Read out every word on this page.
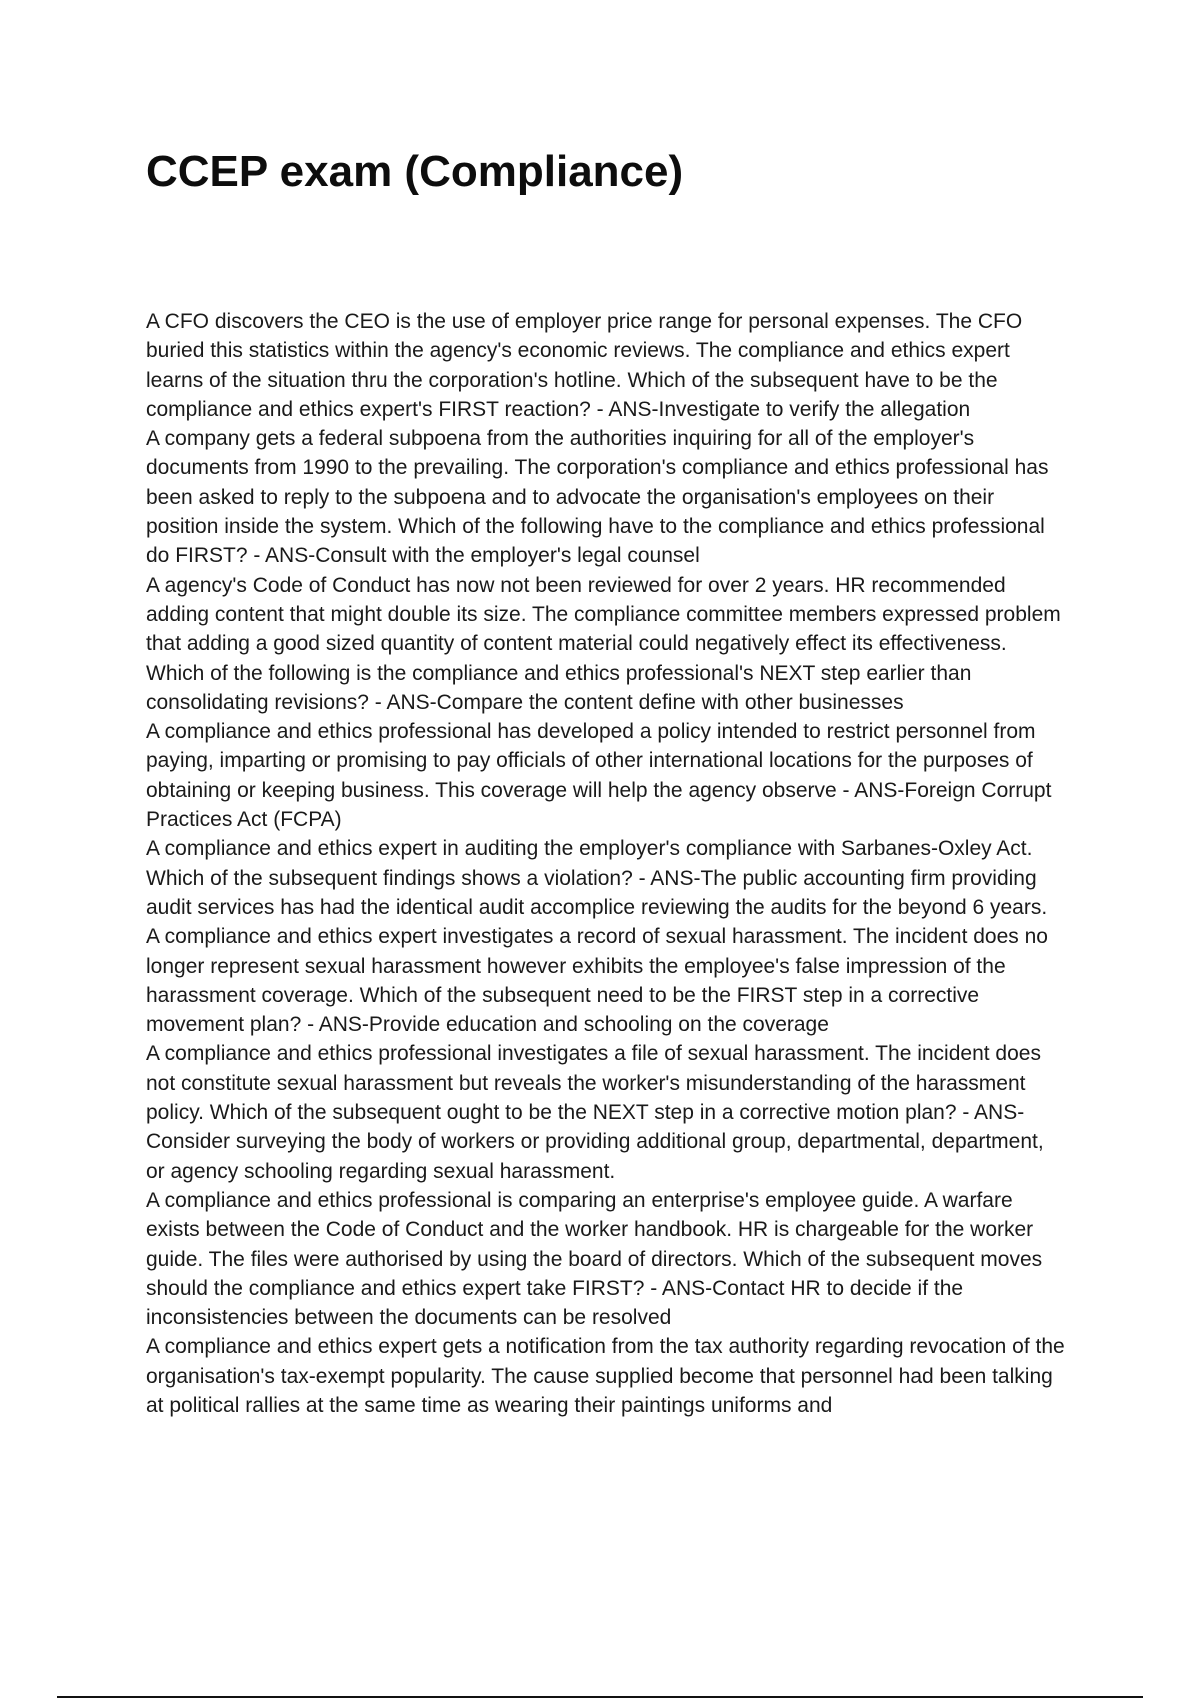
CCEP exam (Compliance)

A CFO discovers the CEO is the use of employer price range for personal expenses. The CFO buried this statistics within the agency's economic reviews. The compliance and ethics expert learns of the situation thru the corporation's hotline. Which of the subsequent have to be the compliance and ethics expert's FIRST reaction? - ANS-Investigate to verify the allegation

A company gets a federal subpoena from the authorities inquiring for all of the employer's documents from 1990 to the prevailing. The corporation's compliance and ethics professional has been asked to reply to the subpoena and to advocate the organisation's employees on their position inside the system. Which of the following have to the compliance and ethics professional do FIRST? - ANS-Consult with the employer's legal counsel

A agency's Code of Conduct has now not been reviewed for over 2 years. HR recommended adding content that might double its size. The compliance committee members expressed problem that adding a good sized quantity of content material could negatively effect its effectiveness. Which of the following is the compliance and ethics professional's NEXT step earlier than consolidating revisions? - ANS-Compare the content define with other businesses

A compliance and ethics professional has developed a policy intended to restrict personnel from paying, imparting or promising to pay officials of other international locations for the purposes of obtaining or keeping business. This coverage will help the agency observe - ANS-Foreign Corrupt Practices Act (FCPA)

A compliance and ethics expert in auditing the employer's compliance with Sarbanes-Oxley Act. Which of the subsequent findings shows a violation? - ANS-The public accounting firm providing audit services has had the identical audit accomplice reviewing the audits for the beyond 6 years.

A compliance and ethics expert investigates a record of sexual harassment. The incident does no longer represent sexual harassment however exhibits the employee's false impression of the harassment coverage. Which of the subsequent need to be the FIRST step in a corrective movement plan? - ANS-Provide education and schooling on the coverage

A compliance and ethics professional investigates a file of sexual harassment. The incident does not constitute sexual harassment but reveals the worker's misunderstanding of the harassment policy. Which of the subsequent ought to be the NEXT step in a corrective motion plan? - ANS-Consider surveying the body of workers or providing additional group, departmental, department, or agency schooling regarding sexual harassment.

A compliance and ethics professional is comparing an enterprise's employee guide. A warfare exists between the Code of Conduct and the worker handbook. HR is chargeable for the worker guide. The files were authorised by using the board of directors. Which of the subsequent moves should the compliance and ethics expert take FIRST? - ANS-Contact HR to decide if the inconsistencies between the documents can be resolved

A compliance and ethics expert gets a notification from the tax authority regarding revocation of the organisation's tax-exempt popularity. The cause supplied become that personnel had been talking at political rallies at the same time as wearing their paintings uniforms and
